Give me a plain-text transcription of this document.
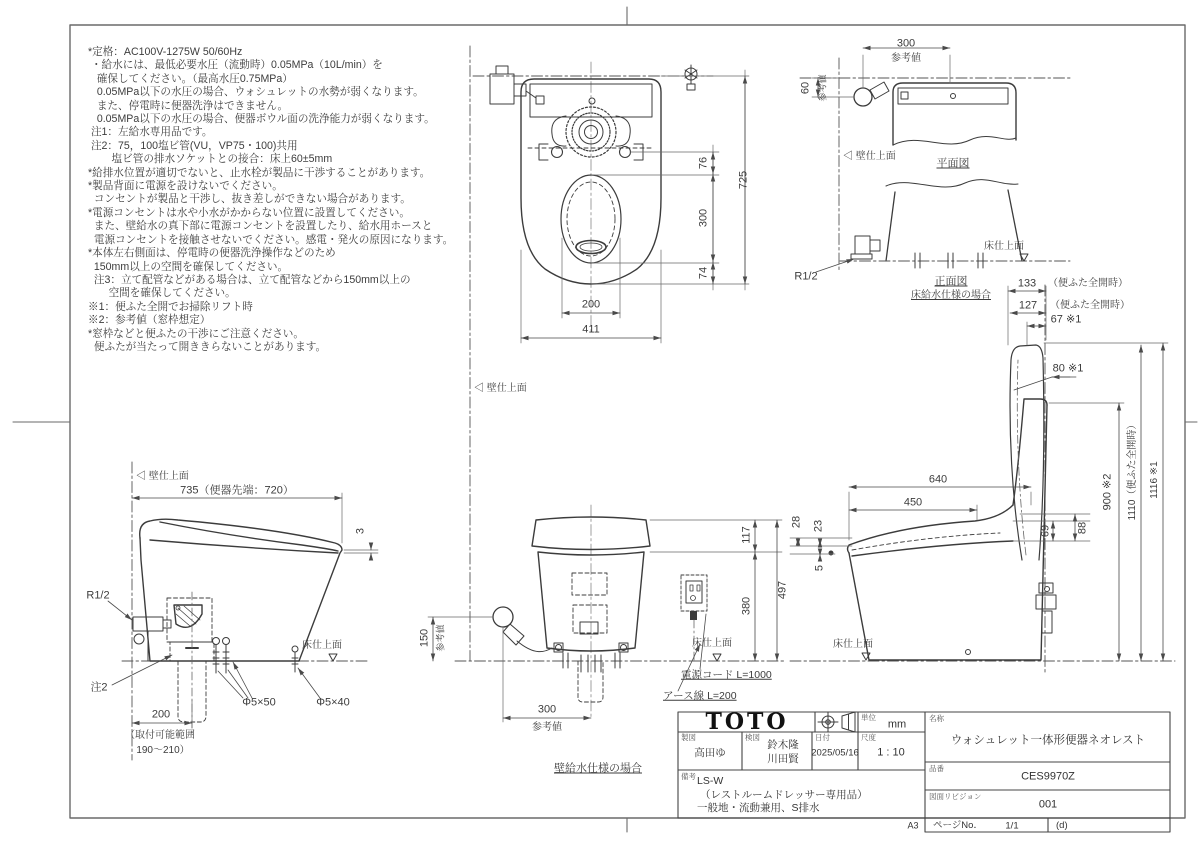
*定格：AC100V-1275W 50/60Hz
・給水には、最低必要水圧（流動時）0.05MPa（10L/min）を
確保してください。（最高水圧0.75MPa）
0.05MPa以下の水圧の場合、ウォシュレットの水勢が弱くなります。
また、停電時に便器洗浄はできません。
0.05MPa以下の水圧の場合、便器ボウル面の洗浄能力が弱くなります。
注1：左給水専用品です。
注2：75，100塩ビ管(VU，VP75・100)共用
塩ビ管の排水ソケットとの接合：床上60±5mm
*給排水位置が適切でないと、止水栓が製品に干渉することがあります。
*製品背面に電源を設けないでください。
コンセントが製品と干渉し、抜き差しができない場合があります。
*電源コンセントは水や小水がかからない位置に設置してください。
また、壁給水の真下部に電源コンセントを設置したり、給水用ホースと
電源コンセントを接触させないでください。感電・発火の原因になります。
*本体左右側面は、停電時の便器洗浄操作などのため
150mm以上の空間を確保してください。
注3：立て配管などがある場合は、立て配管などから150mm以上の
空間を確保してください。
※1：便ふた全開でお掃除リフト時
※2：参考値（窓枠想定）
*窓枠などと便ふたの干渉にご注意ください。
便ふたが当たって開ききらないことがあります。
76
300
74
725
200
411
◁ 壁仕上面
300
参考値
60 参考値
◁ 壁仕上面
平面図
R1/2
床仕上面
正面図
床給水仕様の場合
133 （便ふた全開時）
127 （便ふた全開時）
67 ※1
80 ※1
640
450
28 23
5
69 88
900 ※2 1110（便ふた全開時） 1116 ※1
床仕上面
117
380
497
150 参考値
300
参考値
床仕上面
電源コード L=1000
アース線 L=200
壁給水仕様の場合
◁ 壁仕上面
735（便器先端：720）
3
R1/2
注2
200
（取付可能範囲
190～210）
Φ5×50	Φ5×40
床仕上面
TOTO	単位
mm
製図
高田ゆ
検図
鈴木隆
川田賢
日付
2025/05/16
尺度
1 : 10
備考 LS-W
（レストルームドレッサー専用品）
一般地・流動兼用、S排水
名称
ウォシュレット一体形便器ネオレスト
品番
CES9970Z
図面リビジョン
001
A3 ページNo． 1/1	(d)
